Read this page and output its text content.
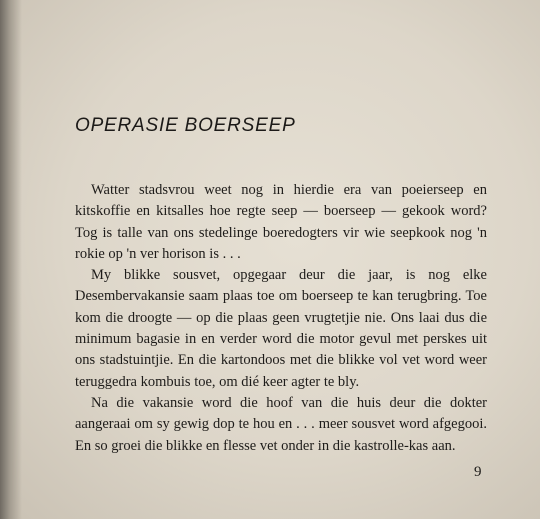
OPERASIE BOERSEEP

Watter stadsvrou weet nog in hierdie era van poeierseep en kitskoffie en kitsalles hoe regte seep — boerseep — gekook word? Tog is talle van ons stedelinge boeredogters vir wie seepkook nog 'n rokie op 'n ver horison is . . .

My blikke sousvet, opgegaar deur die jaar, is nog elke Desembervakansie saam plaas toe om boerseep te kan terugbring. Toe kom die droogte — op die plaas geen vrugtetjie nie. Ons laai dus die minimum bagasie in en verder word die motor gevul met perskes uit ons stadstuintjie. En die kartondoos met die blikke vol vet word weer teruggedra kombuis toe, om dié keer agter te bly.

Na die vakansie word die hoof van die huis deur die dokter aangeraai om sy gewig dop te hou en . . . meer sousvet word afgegooi. En so groei die blikke en flesse vet onder in die kastrolle-kas aan.

9
